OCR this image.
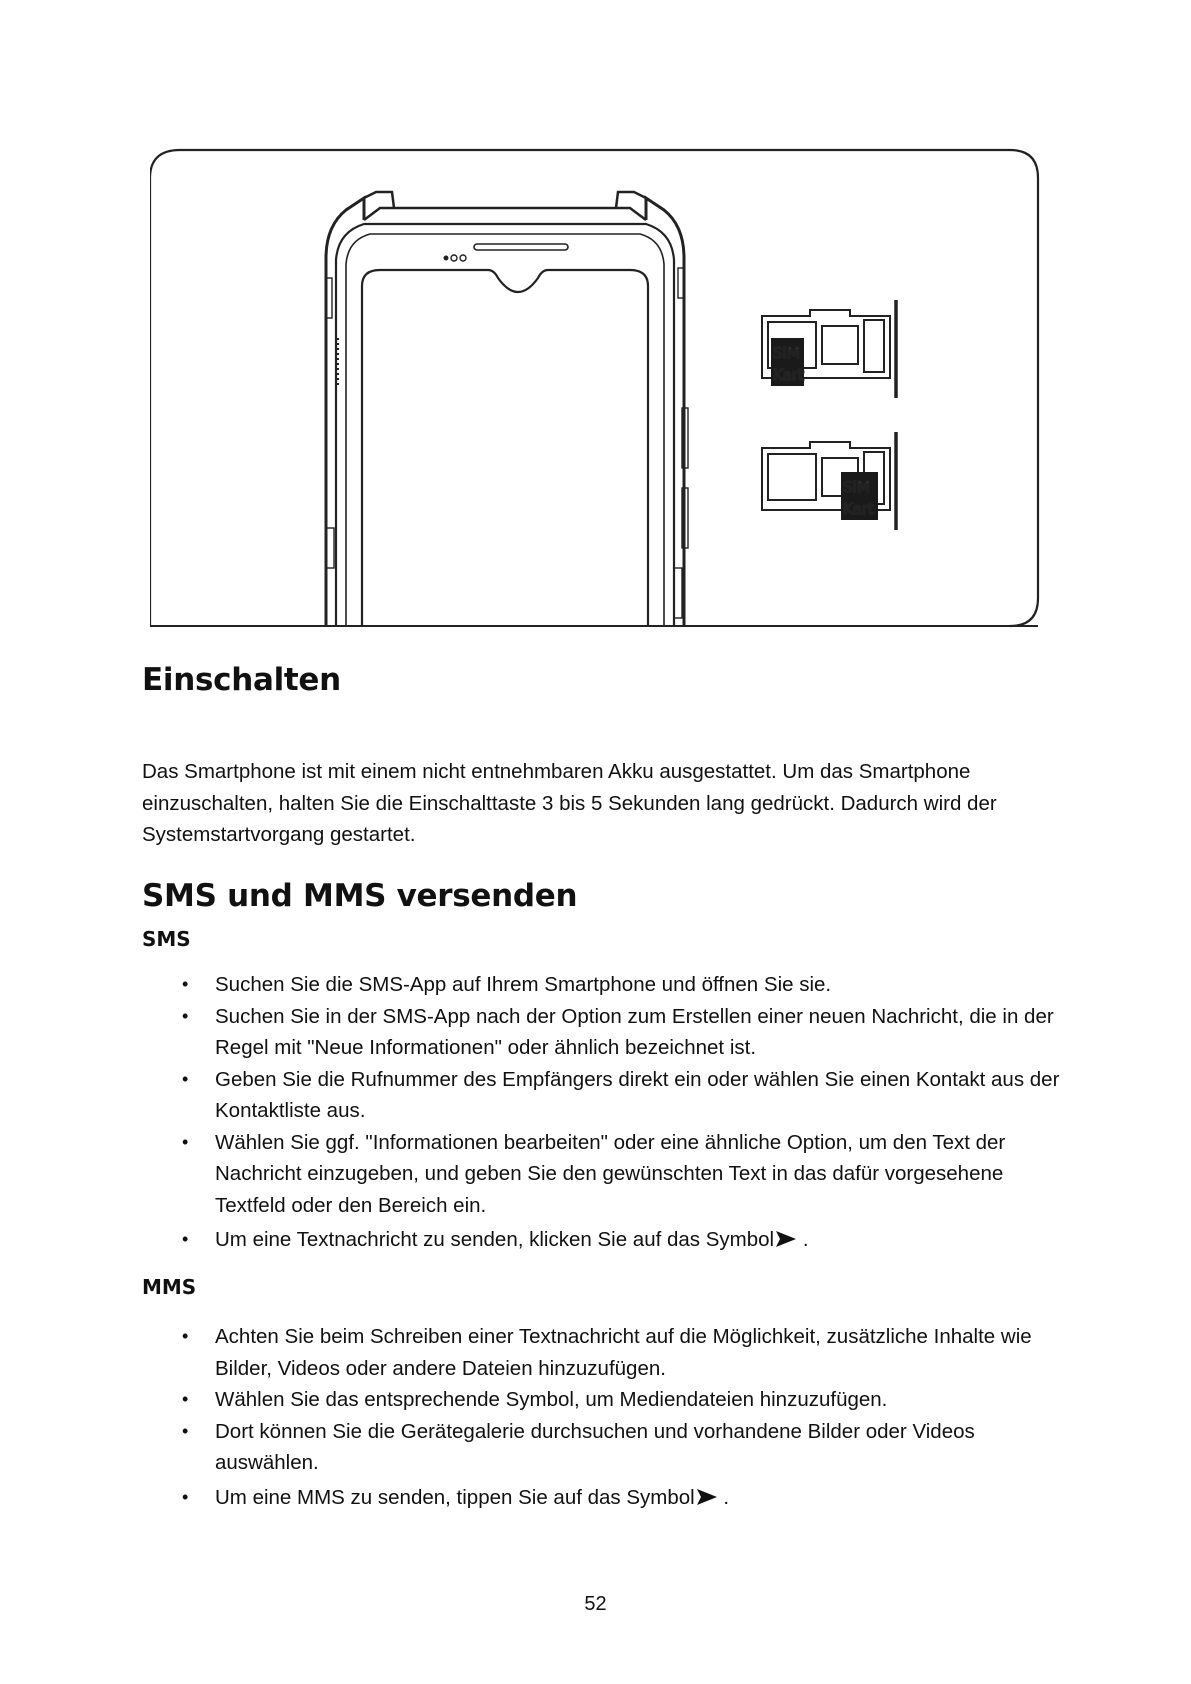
SIM
Kart
SIM
Kart
Einschalten

Das Smartphone ist mit einem nicht entnehmbaren Akku ausgestattet. Um das Smartphone einzuschalten, halten Sie die Einschalttaste 3 bis 5 Sekunden lang gedrückt. Dadurch wird der Systemstartvorgang gestartet.

SMS und MMS versenden

SMS

• Suchen Sie die SMS-App auf Ihrem Smartphone und öffnen Sie sie.
• Suchen Sie in der SMS-App nach der Option zum Erstellen einer neuen Nachricht, die in der Regel mit "Neue Informationen" oder ähnlich bezeichnet ist.
• Geben Sie die Rufnummer des Empfängers direkt ein oder wählen Sie einen Kontakt aus der Kontaktliste aus.
• Wählen Sie ggf. "Informationen bearbeiten" oder eine ähnliche Option, um den Text der Nachricht einzugeben, und geben Sie den gewünschten Text in das dafür vorgesehene Textfeld oder den Bereich ein.
• Um eine Textnachricht zu senden, klicken Sie auf das Symbol .

MMS

• Achten Sie beim Schreiben einer Textnachricht auf die Möglichkeit, zusätzliche Inhalte wie Bilder, Videos oder andere Dateien hinzuzufügen.
• Wählen Sie das entsprechende Symbol, um Mediendateien hinzuzufügen.
• Dort können Sie die Gerätegalerie durchsuchen und vorhandene Bilder oder Videos auswählen.
• Um eine MMS zu senden, tippen Sie auf das Symbol .
52
